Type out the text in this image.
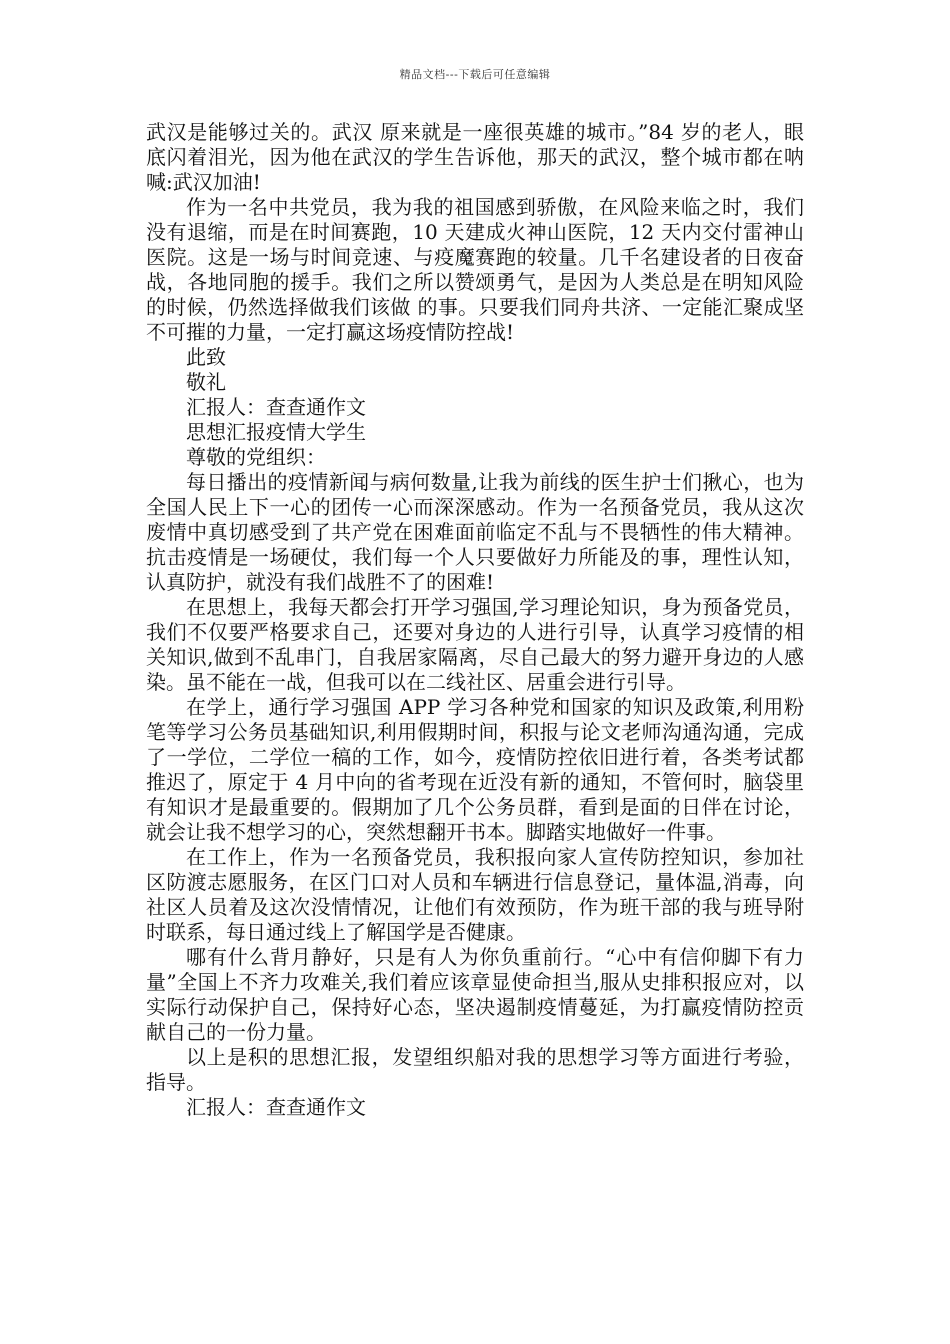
精品文档---下载后可任意编辑

武汉是能够过关的。武汉 原来就是一座很英雄的城市。”84 岁的老人，眼底闪着泪光，因为他在武汉的学生告诉他，那天的武汉，整个城市都在呐喊:武汉加油!

作为一名中共党员，我为我的祖国感到骄傲，在风险来临之时，我们没有退缩，而是在时间赛跑，10 天建成火神山医院，12 天内交付雷神山医院。这是一场与时间竞速、与疫魔赛跑的较量。几千名建设者的日夜奋战，各地同胞的援手。我们之所以赞颂勇气，是因为人类总是在明知风险的时候，仍然选择做我们该做 的事。只要我们同舟共济、一定能汇聚成坚不可摧的力量，一定打赢这场疫情防控战!

此致

敬礼

汇报人：查查通作文

思想汇报疫情大学生

尊敬的党组织：

每日播出的疫情新闻与病何数量,让我为前线的医生护士们揪心，也为全国人民上下一心的团传一心而深深感动。作为一名预备党员，我从这次废情中真切感受到了共产党在困难面前临定不乱与不畏牺性的伟大精神。抗击疫情是一场硬仗，我们每一个人只要做好力所能及的事，理性认知，认真防护，就没有我们战胜不了的困难!

在思想上，我每天都会打开学习强国,学习理论知识，身为预备党员，我们不仅要严格要求自己，还要对身边的人进行引导，认真学习疫情的相关知识,做到不乱串门，自我居家隔离，尽自己最大的努力避开身边的人感染。虽不能在一战，但我可以在二线社区、居重会进行引导。

在学上，通行学习强国 APP 学习各种党和国家的知识及政策,利用粉笔等学习公务员基础知识,利用假期时间，积报与论文老师沟通沟通，完成了一学位，二学位一稿的工作，如今，疫情防控依旧进行着，各类考试都推迟了，原定于 4 月中向的省考现在近没有新的通知，不管何时，脑袋里有知识才是最重要的。假期加了几个公务员群，看到是面的日伴在讨论，就会让我不想学习的心，突然想翻开书本。脚踏实地做好一件事。

在工作上，作为一名预备党员，我积报向家人宣传防控知识，参加社区防渡志愿服务，在区门口对人员和车辆进行信息登记，量体温,消毒，向社区人员着及这次没情情况，让他们有效预防，作为班干部的我与班导附时联系，每日通过线上了解国学是否健康。

哪有什么背月静好，只是有人为你负重前行。“心中有信仰脚下有力量”全国上不齐力攻难关,我们着应该章显使命担当,服从史排积报应对，以实际行动保护自己，保持好心态，坚决遏制疫情蔓延，为打赢疫情防控贡献自己的一份力量。

以上是积的思想汇报，发望组织船对我的思想学习等方面进行考验，指导。

汇报人：查查通作文
